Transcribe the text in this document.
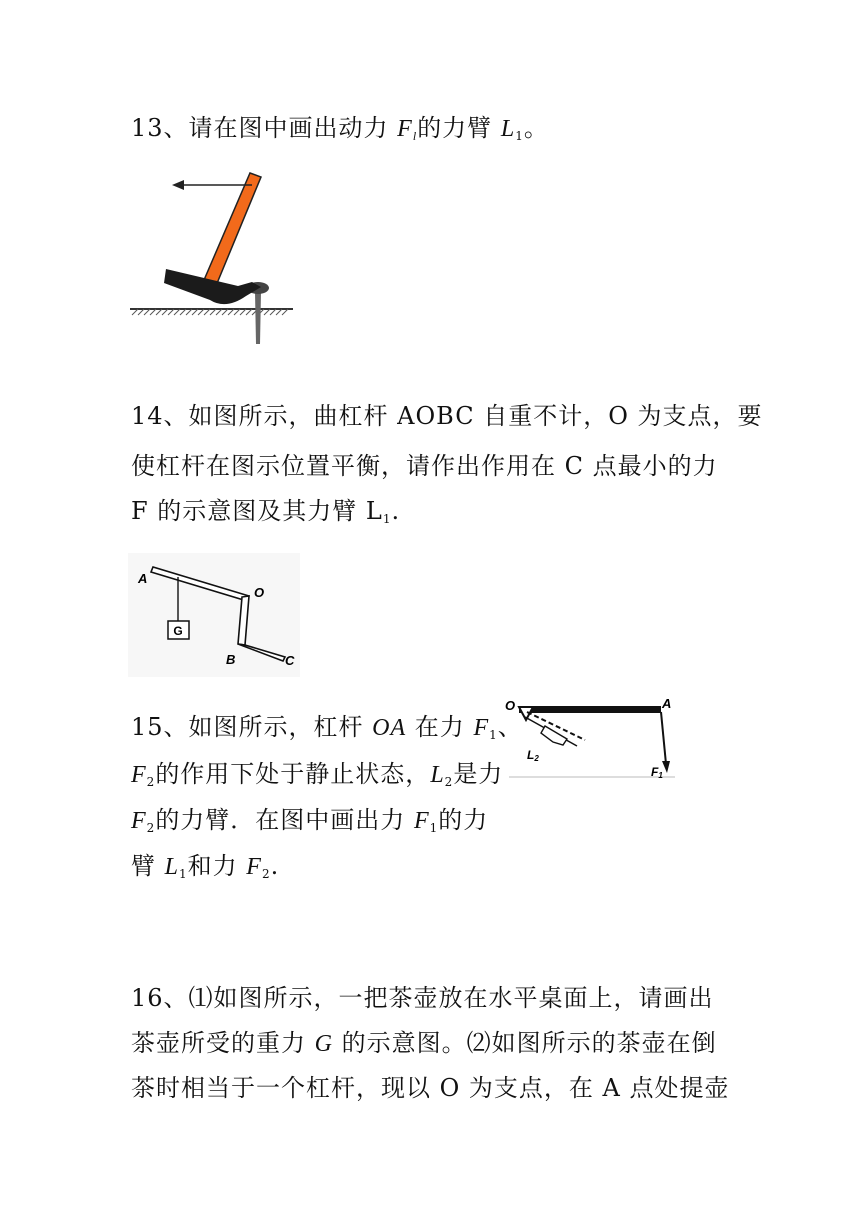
13、请在图中画出动力 $F_l$的力臂 $L_1$。
14、如图所示，曲杠杆 AOBC 自重不计，O 为支点，要
使杠杆在图示位置平衡，请作出作用在 C 点最小的力
F 的示意图及其力臂 $L_1$.
G
A
O
B	C
15、如图所示，杠杆 OA 在力 $F_1$、
$F_2$的作用下处于静止状态，$L_2$是力
$F_2$的力臂．在图中画出力 $F_1$的力
臂 $L_1$和力 $F_2$.
O	A
L2
F1
16、⑴如图所示，一把茶壶放在水平桌面上，请画出
茶壶所受的重力 G 的示意图。⑵如图所示的茶壶在倒
茶时相当于一个杠杆，现以 O 为支点，在 A 点处提壶
